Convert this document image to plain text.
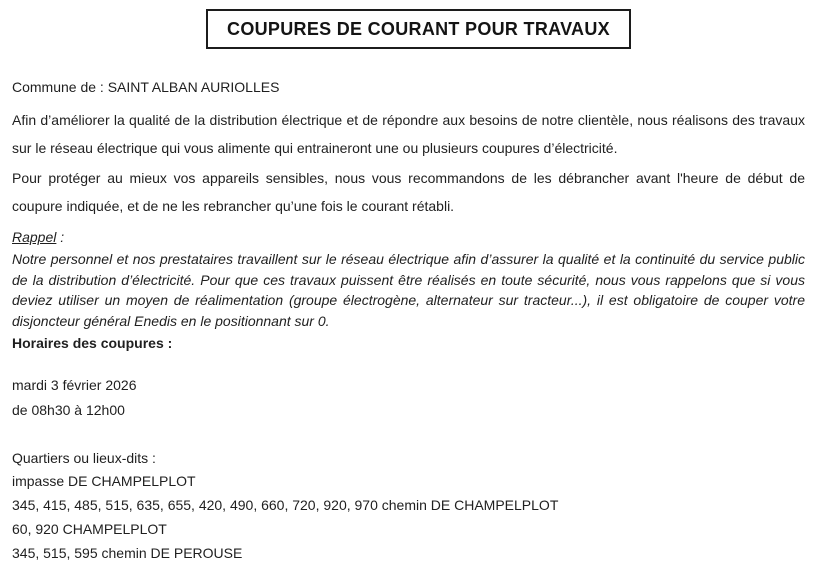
COUPURES DE COURANT POUR TRAVAUX
Commune de : SAINT ALBAN AURIOLLES

Afin d’améliorer la qualité de la distribution électrique et de répondre aux besoins de notre clientèle, nous réalisons des travaux sur le réseau électrique qui vous alimente qui entraineront une ou plusieurs coupures d’électricité.

Pour protéger au mieux vos appareils sensibles, nous vous recommandons de les débrancher avant l'heure de début de coupure indiquée, et de ne les rebrancher qu’une fois le courant rétabli.

Rappel :

Notre personnel et nos prestataires travaillent sur le réseau électrique afin d’assurer la qualité et la continuité du service public de la distribution d’électricité. Pour que ces travaux puissent être réalisés en toute sécurité, nous vous rappelons que si vous deviez utiliser un moyen de réalimentation (groupe électrogène, alternateur sur tracteur...), il est obligatoire de couper votre disjoncteur général Enedis en le positionnant sur 0.

Horaires des coupures :
mardi 3 février 2026
de 08h30 à 12h00
Quartiers ou lieux-dits :
impasse DE CHAMPELPLOT
345, 415, 485, 515, 635, 655, 420, 490, 660, 720, 920, 970 chemin DE CHAMPELPLOT
60, 920 CHAMPELPLOT
345, 515, 595 chemin DE PEROUSE
